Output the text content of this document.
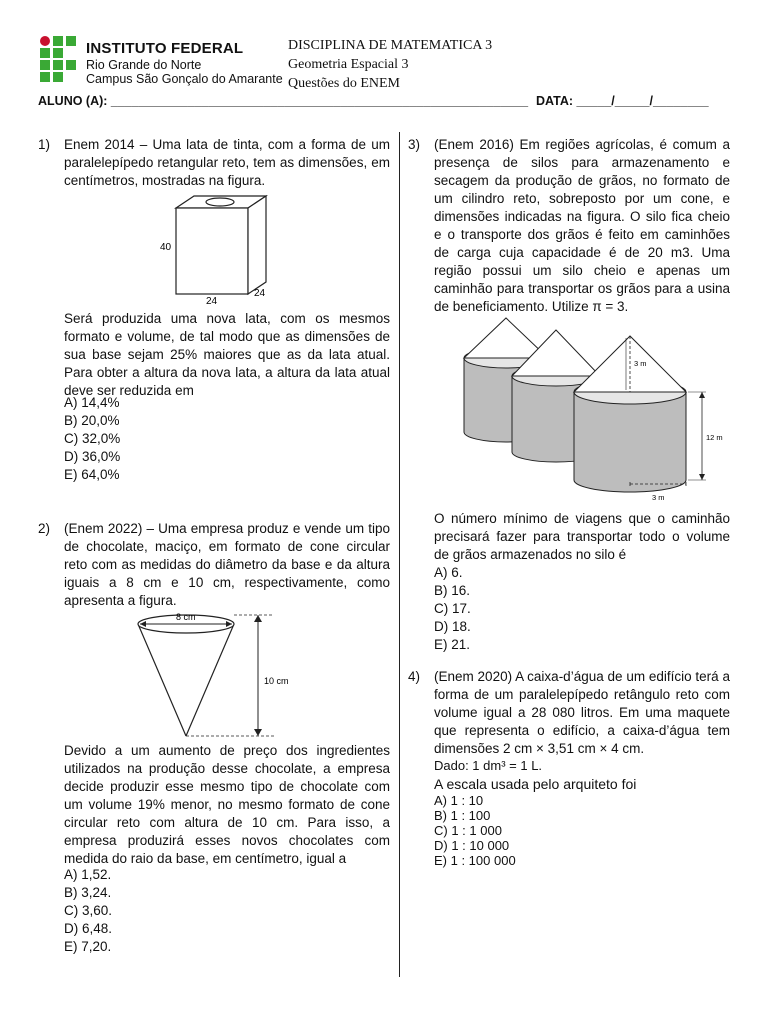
INSTITUTO FEDERAL
Rio Grande do Norte
Campus São Gonçalo do Amarante
DISCIPLINA DE MATEMATICA 3
Geometria Espacial 3
Questões do ENEM
ALUNO (A): ____________________________________________________________ DATA: _____/_____/________
1) Enem 2014 – Uma lata de tinta, com a forma de um paralelepípedo retangular reto, tem as dimensões, em centímetros, mostradas na figura.
40
24
24
Será produzida uma nova lata, com os mesmos formato e volume, de tal modo que as dimensões de sua base sejam 25% maiores que as da lata atual. Para obter a altura da nova lata, a altura da lata atual deve ser reduzida em
A) 14,4%
B) 20,0%
C) 32,0%
D) 36,0%
E) 64,0%
2) (Enem 2022) – Uma empresa produz e vende um tipo de chocolate, maciço, em formato de cone circular reto com as medidas do diâmetro da base e da altura iguais a 8 cm e 10 cm, respectivamente, como apresenta a figura.
8 cm
10 cm
Devido a um aumento de preço dos ingredientes utilizados na produção desse chocolate, a empresa decide produzir esse mesmo tipo de chocolate com um volume 19% menor, no mesmo formato de cone circular reto com altura de 10 cm. Para isso, a empresa produzirá esses novos chocolates com medida do raio da base, em centímetro, igual a
A) 1,52.
B) 3,24.
C) 3,60.
D) 6,48.
E) 7,20.
3) (Enem 2016) Em regiões agrícolas, é comum a presença de silos para armazenamento e secagem da produção de grãos, no formato de um cilindro reto, sobreposto por um cone, e dimensões indicadas na figura. O silo fica cheio e o transporte dos grãos é feito em caminhões de carga cuja capacidade é de 20 m3. Uma região possui um silo cheio e apenas um caminhão para transportar os grãos para a usina de beneficiamento. Utilize π = 3.
3 m
12 m
3 m
O número mínimo de viagens que o caminhão precisará fazer para transportar todo o volume de grãos armazenados no silo é
A) 6.
B) 16.
C) 17.
D) 18.
E) 21.
4) (Enem 2020) A caixa-d’água de um edifício terá a forma de um paralelepípedo retângulo reto com volume igual a 28 080 litros. Em uma maquete que representa o edifício, a caixa-d’água tem dimensões 2 cm × 3,51 cm × 4 cm.
Dado: 1 dm³ = 1 L.
A escala usada pelo arquiteto foi
A) 1 : 10
B) 1 : 100
C) 1 : 1 000
D) 1 : 10 000
E) 1 : 100 000
